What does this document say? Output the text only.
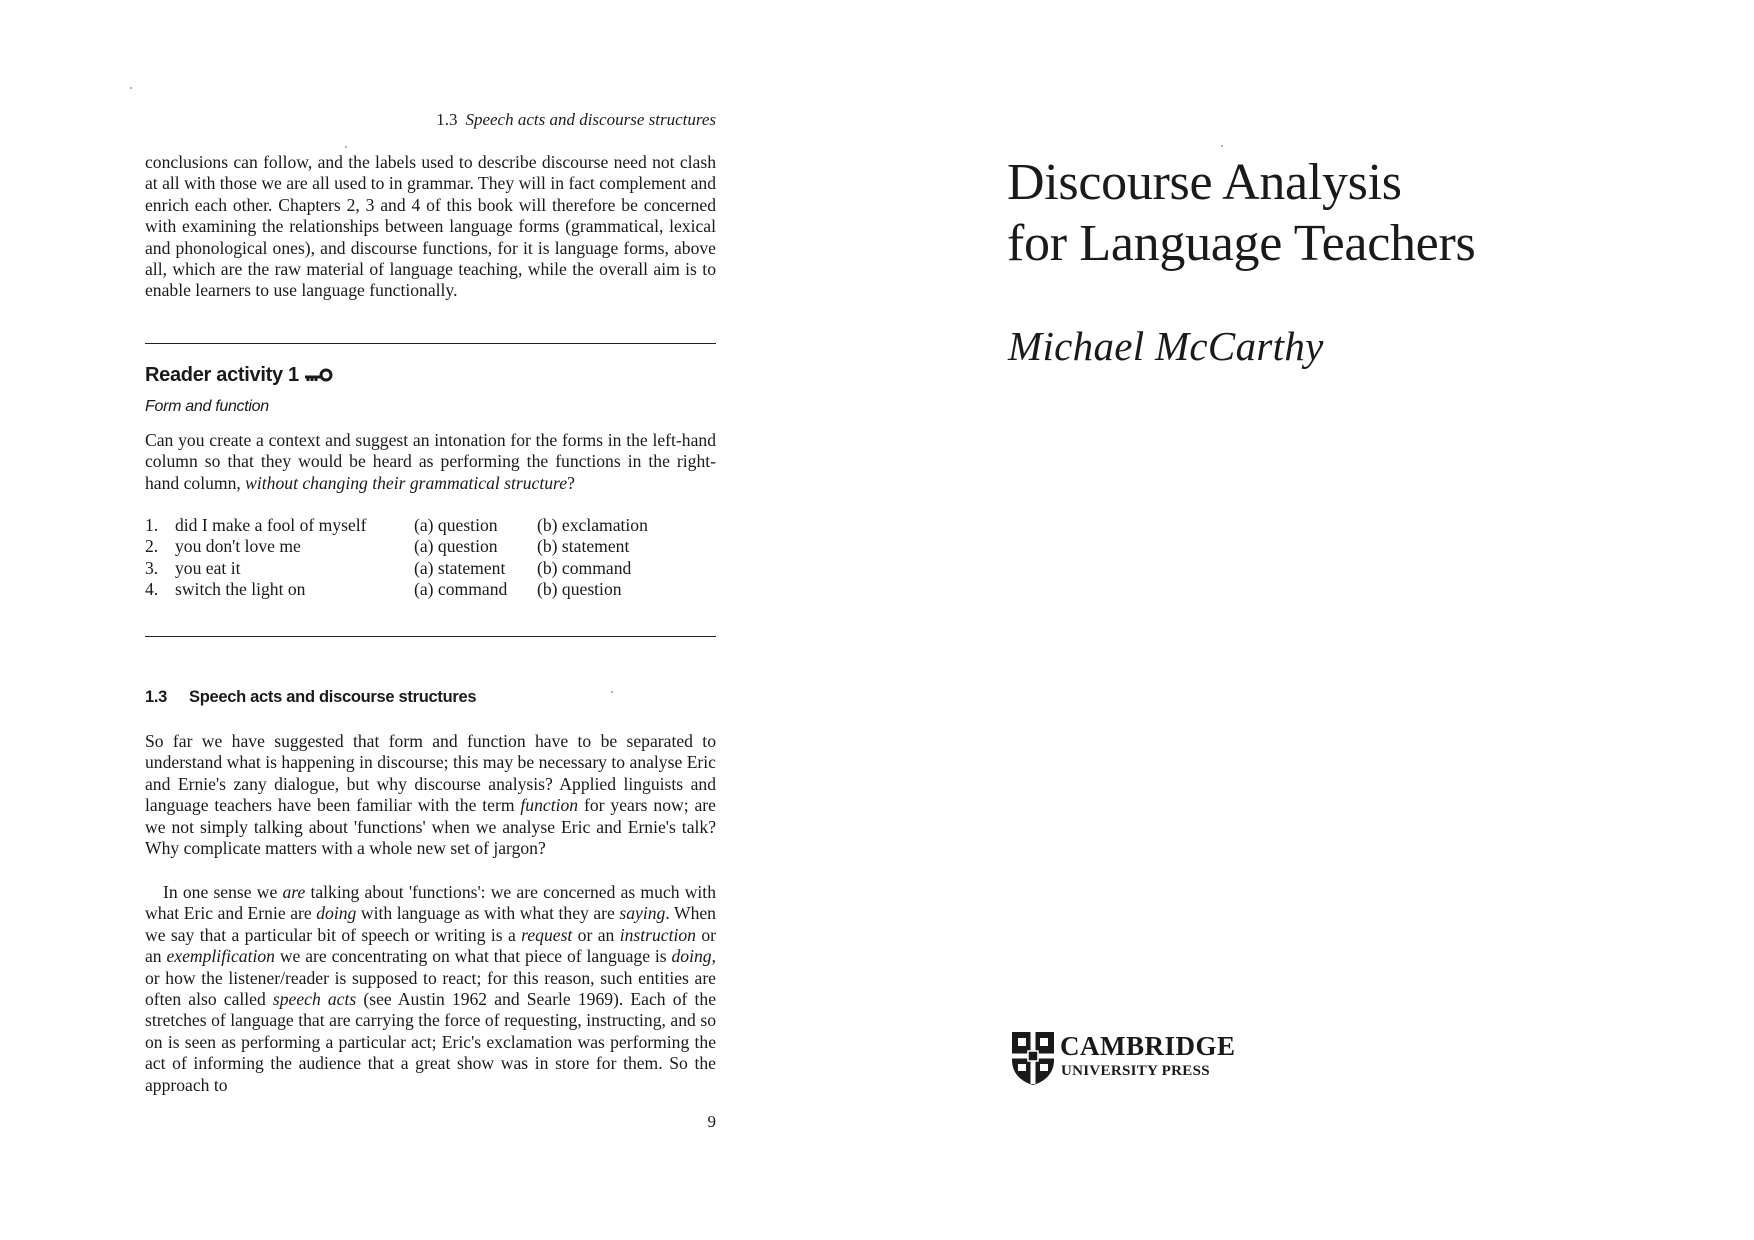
1.3 Speech acts and discourse structures

conclusions can follow, and the labels used to describe discourse need not clash at all with those we are all used to in grammar. They will in fact complement and enrich each other. Chapters 2, 3 and 4 of this book will therefore be concerned with examining the relationships between language forms (grammatical, lexical and phonological ones), and discourse functions, for it is language forms, above all, which are the raw material of language teaching, while the overall aim is to enable learners to use language functionally.

Reader activity 1
Form and function

Can you create a context and suggest an intonation for the forms in the left-hand column so that they would be heard as performing the functions in the right-hand column, without changing their grammatical structure?

1.	did I make a fool of myself	(a) question	(b) exclamation
2.	you don't love me	(a) question	(b) statement
3.	you eat it	(a) statement	(b) command
4.	switch the light on	(a) command	(b) question
1.3 Speech acts and discourse structures

So far we have suggested that form and function have to be separated to understand what is happening in discourse; this may be necessary to analyse Eric and Ernie's zany dialogue, but why discourse analysis? Applied linguists and language teachers have been familiar with the term function for years now; are we not simply talking about 'functions' when we analyse Eric and Ernie's talk? Why complicate matters with a whole new set of jargon?

In one sense we are talking about 'functions': we are concerned as much with what Eric and Ernie are doing with language as with what they are saying. When we say that a particular bit of speech or writing is a request or an instruction or an exemplification we are concentrating on what that piece of language is doing, or how the listener/reader is supposed to react; for this reason, such entities are often also called speech acts (see Austin 1962 and Searle 1969). Each of the stretches of language that are carrying the force of requesting, instructing, and so on is seen as performing a particular act; Eric's exclamation was performing the act of informing the audience that a great show was in store for them. So the approach to

9
Discourse Analysis
for Language Teachers
Michael McCarthy
CAMBRIDGE
UNIVERSITY PRESS
